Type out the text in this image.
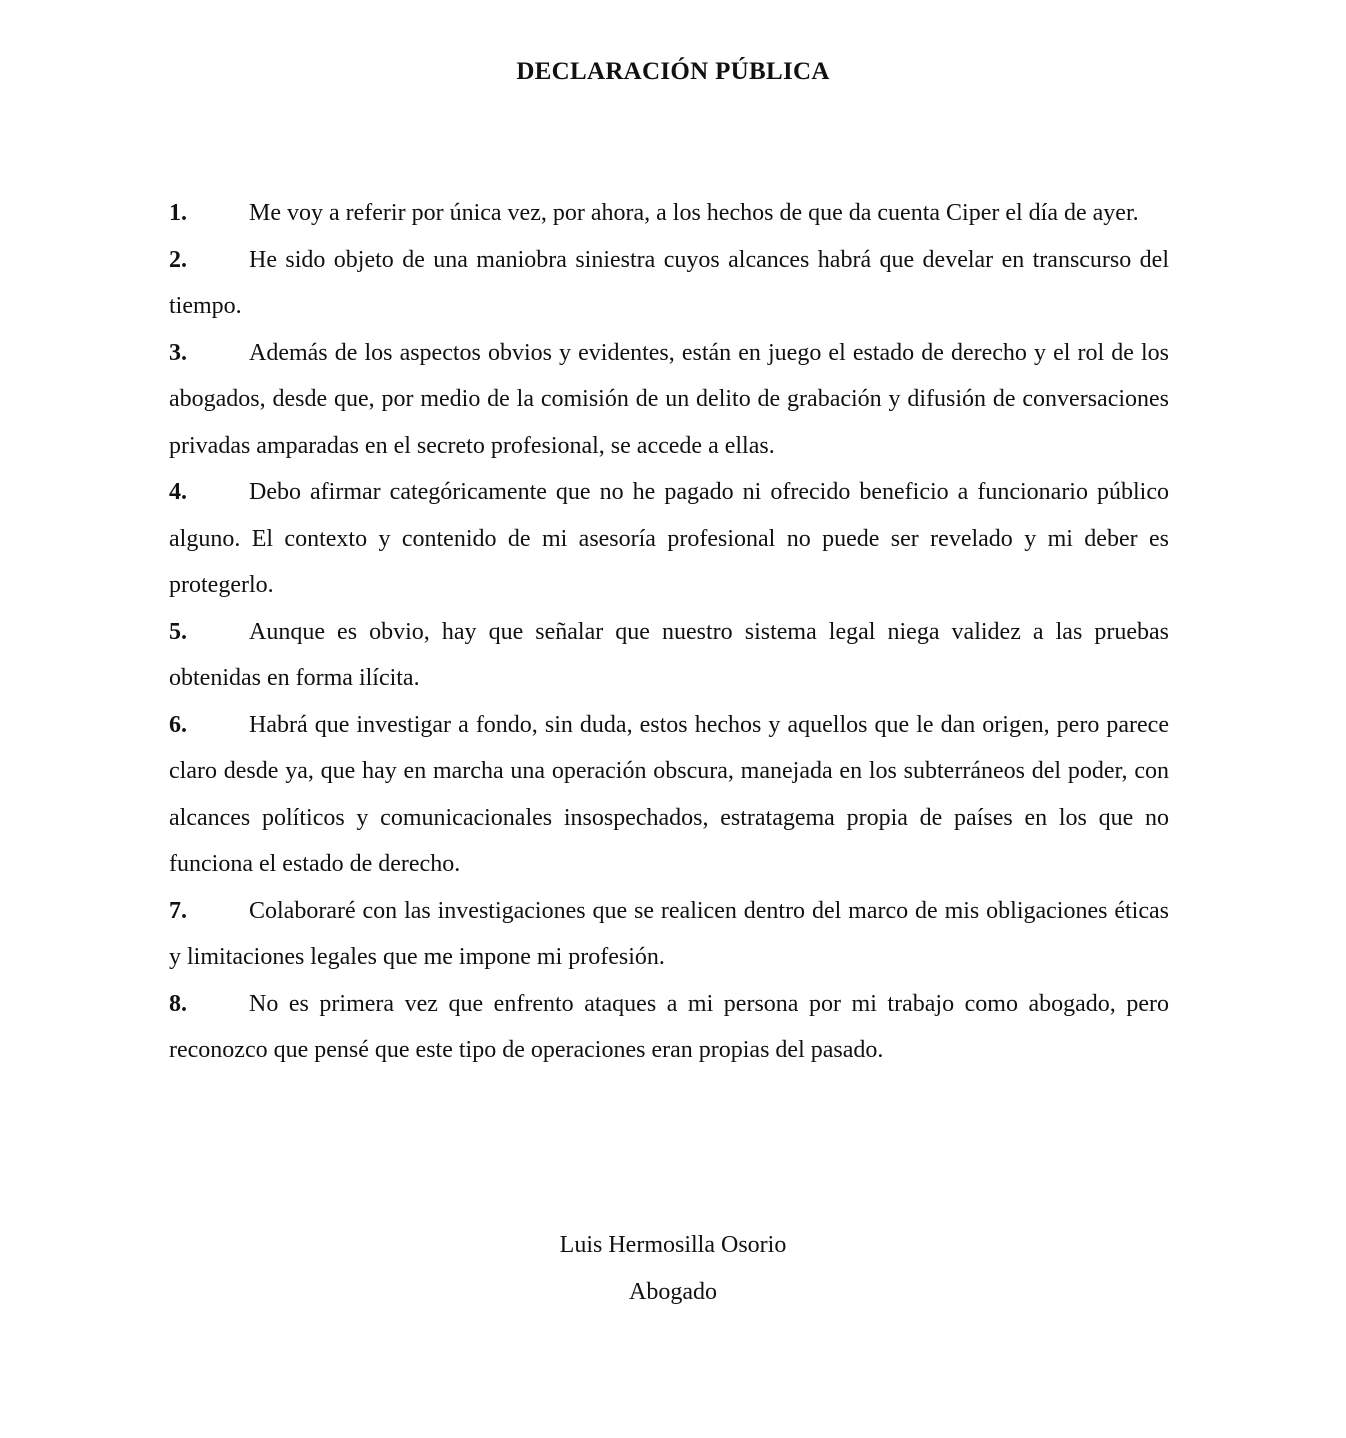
DECLARACIÓN PÚBLICA

1.	Me voy a referir por única vez, por ahora, a los hechos de que da cuenta Ciper el día de ayer.

2.	He sido objeto de una maniobra siniestra cuyos alcances habrá que develar en transcurso del tiempo.

3.	Además de los aspectos obvios y evidentes, están en juego el estado de derecho y el rol de los abogados, desde que, por medio de la comisión de un delito de grabación y difusión de conversaciones privadas amparadas en el secreto profesional, se accede a ellas.

4.	Debo afirmar categóricamente que no he pagado ni ofrecido beneficio a funcionario público alguno. El contexto y contenido de mi asesoría profesional no puede ser revelado y mi deber es protegerlo.

5.	Aunque es obvio, hay que señalar que nuestro sistema legal niega validez a las pruebas obtenidas en forma ilícita.

6.	Habrá que investigar a fondo, sin duda, estos hechos y aquellos que le dan origen, pero parece claro desde ya, que hay en marcha una operación obscura, manejada en los subterráneos del poder, con alcances políticos y comunicacionales insospechados, estratagema propia de países en los que no funciona el estado de derecho.

7.	Colaboraré con las investigaciones que se realicen dentro del marco de mis obligaciones éticas y limitaciones legales que me impone mi profesión.

8.	No es primera vez que enfrento ataques a mi persona por mi trabajo como abogado, pero reconozco que pensé que este tipo de operaciones eran propias del pasado.

Luis Hermosilla Osorio
Abogado
